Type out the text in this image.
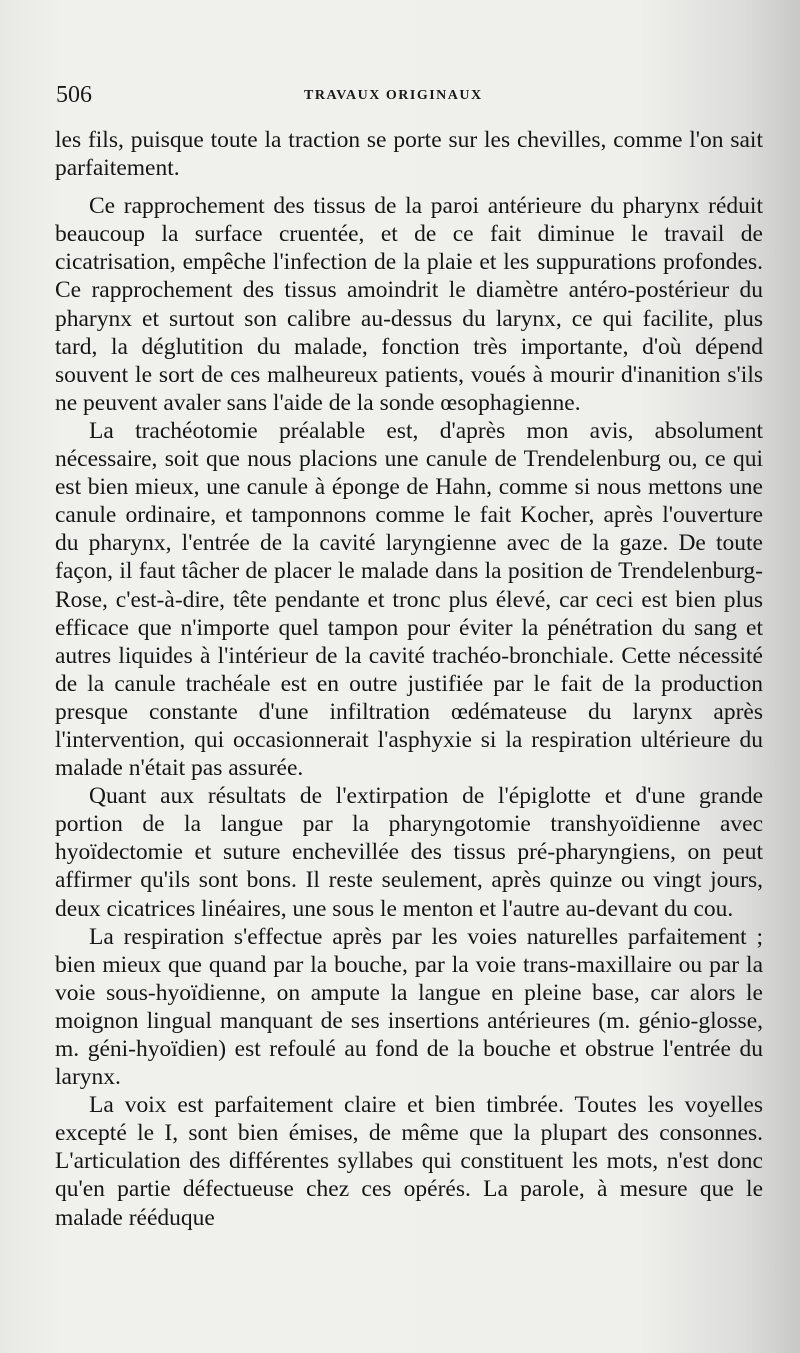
506	TRAVAUX ORIGINAUX

les fils, puisque toute la traction se porte sur les chevilles, comme l'on sait parfaitement.

Ce rapprochement des tissus de la paroi antérieure du pharynx réduit beaucoup la surface cruentée, et de ce fait diminue le travail de cicatrisation, empêche l'infection de la plaie et les suppurations profondes. Ce rapprochement des tissus amoindrit le diamètre antéro-postérieur du pharynx et surtout son calibre au-dessus du larynx, ce qui facilite, plus tard, la déglutition du malade, fonction très importante, d'où dépend souvent le sort de ces malheureux patients, voués à mourir d'inanition s'ils ne peuvent avaler sans l'aide de la sonde œsophagienne.

La trachéotomie préalable est, d'après mon avis, absolument nécessaire, soit que nous placions une canule de Trendelenburg ou, ce qui est bien mieux, une canule à éponge de Hahn, comme si nous mettons une canule ordinaire, et tamponnons comme le fait Kocher, après l'ouverture du pharynx, l'entrée de la cavité laryngienne avec de la gaze. De toute façon, il faut tâcher de placer le malade dans la position de Trendelenburg-Rose, c'est-à-dire, tête pendante et tronc plus élevé, car ceci est bien plus efficace que n'importe quel tampon pour éviter la pénétration du sang et autres liquides à l'intérieur de la cavité trachéo-bronchiale. Cette nécessité de la canule trachéale est en outre justifiée par le fait de la production presque constante d'une infiltration œdémateuse du larynx après l'intervention, qui occasionnerait l'asphyxie si la respiration ultérieure du malade n'était pas assurée.

Quant aux résultats de l'extirpation de l'épiglotte et d'une grande portion de la langue par la pharyngotomie transhyoïdienne avec hyoïdectomie et suture enchevillée des tissus pré-pharyngiens, on peut affirmer qu'ils sont bons. Il reste seulement, après quinze ou vingt jours, deux cicatrices linéaires, une sous le menton et l'autre au-devant du cou.

La respiration s'effectue après par les voies naturelles parfaitement ; bien mieux que quand par la bouche, par la voie trans-maxillaire ou par la voie sous-hyoïdienne, on ampute la langue en pleine base, car alors le moignon lingual manquant de ses insertions antérieures (m. génio-glosse, m. géni-hyoïdien) est refoulé au fond de la bouche et obstrue l'entrée du larynx.

La voix est parfaitement claire et bien timbrée. Toutes les voyelles excepté le I, sont bien émises, de même que la plupart des consonnes. L'articulation des différentes syllabes qui constituent les mots, n'est donc qu'en partie défectueuse chez ces opérés. La parole, à mesure que le malade rééduque
